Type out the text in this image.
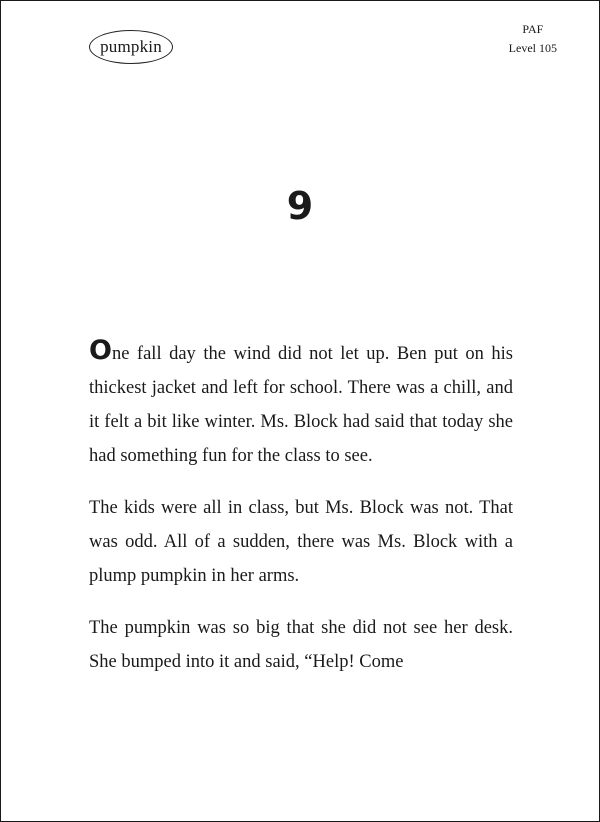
pumpkin
PAF
Level 105
9

One fall day the wind did not let up. Ben put on his thickest jacket and left for school. There was a chill, and it felt a bit like winter. Ms. Block had said that today she had something fun for the class to see.

The kids were all in class, but Ms. Block was not. That was odd. All of a sudden, there was Ms. Block with a plump pumpkin in her arms.

The pumpkin was so big that she did not see her desk. She bumped into it and said, “Help! Come
